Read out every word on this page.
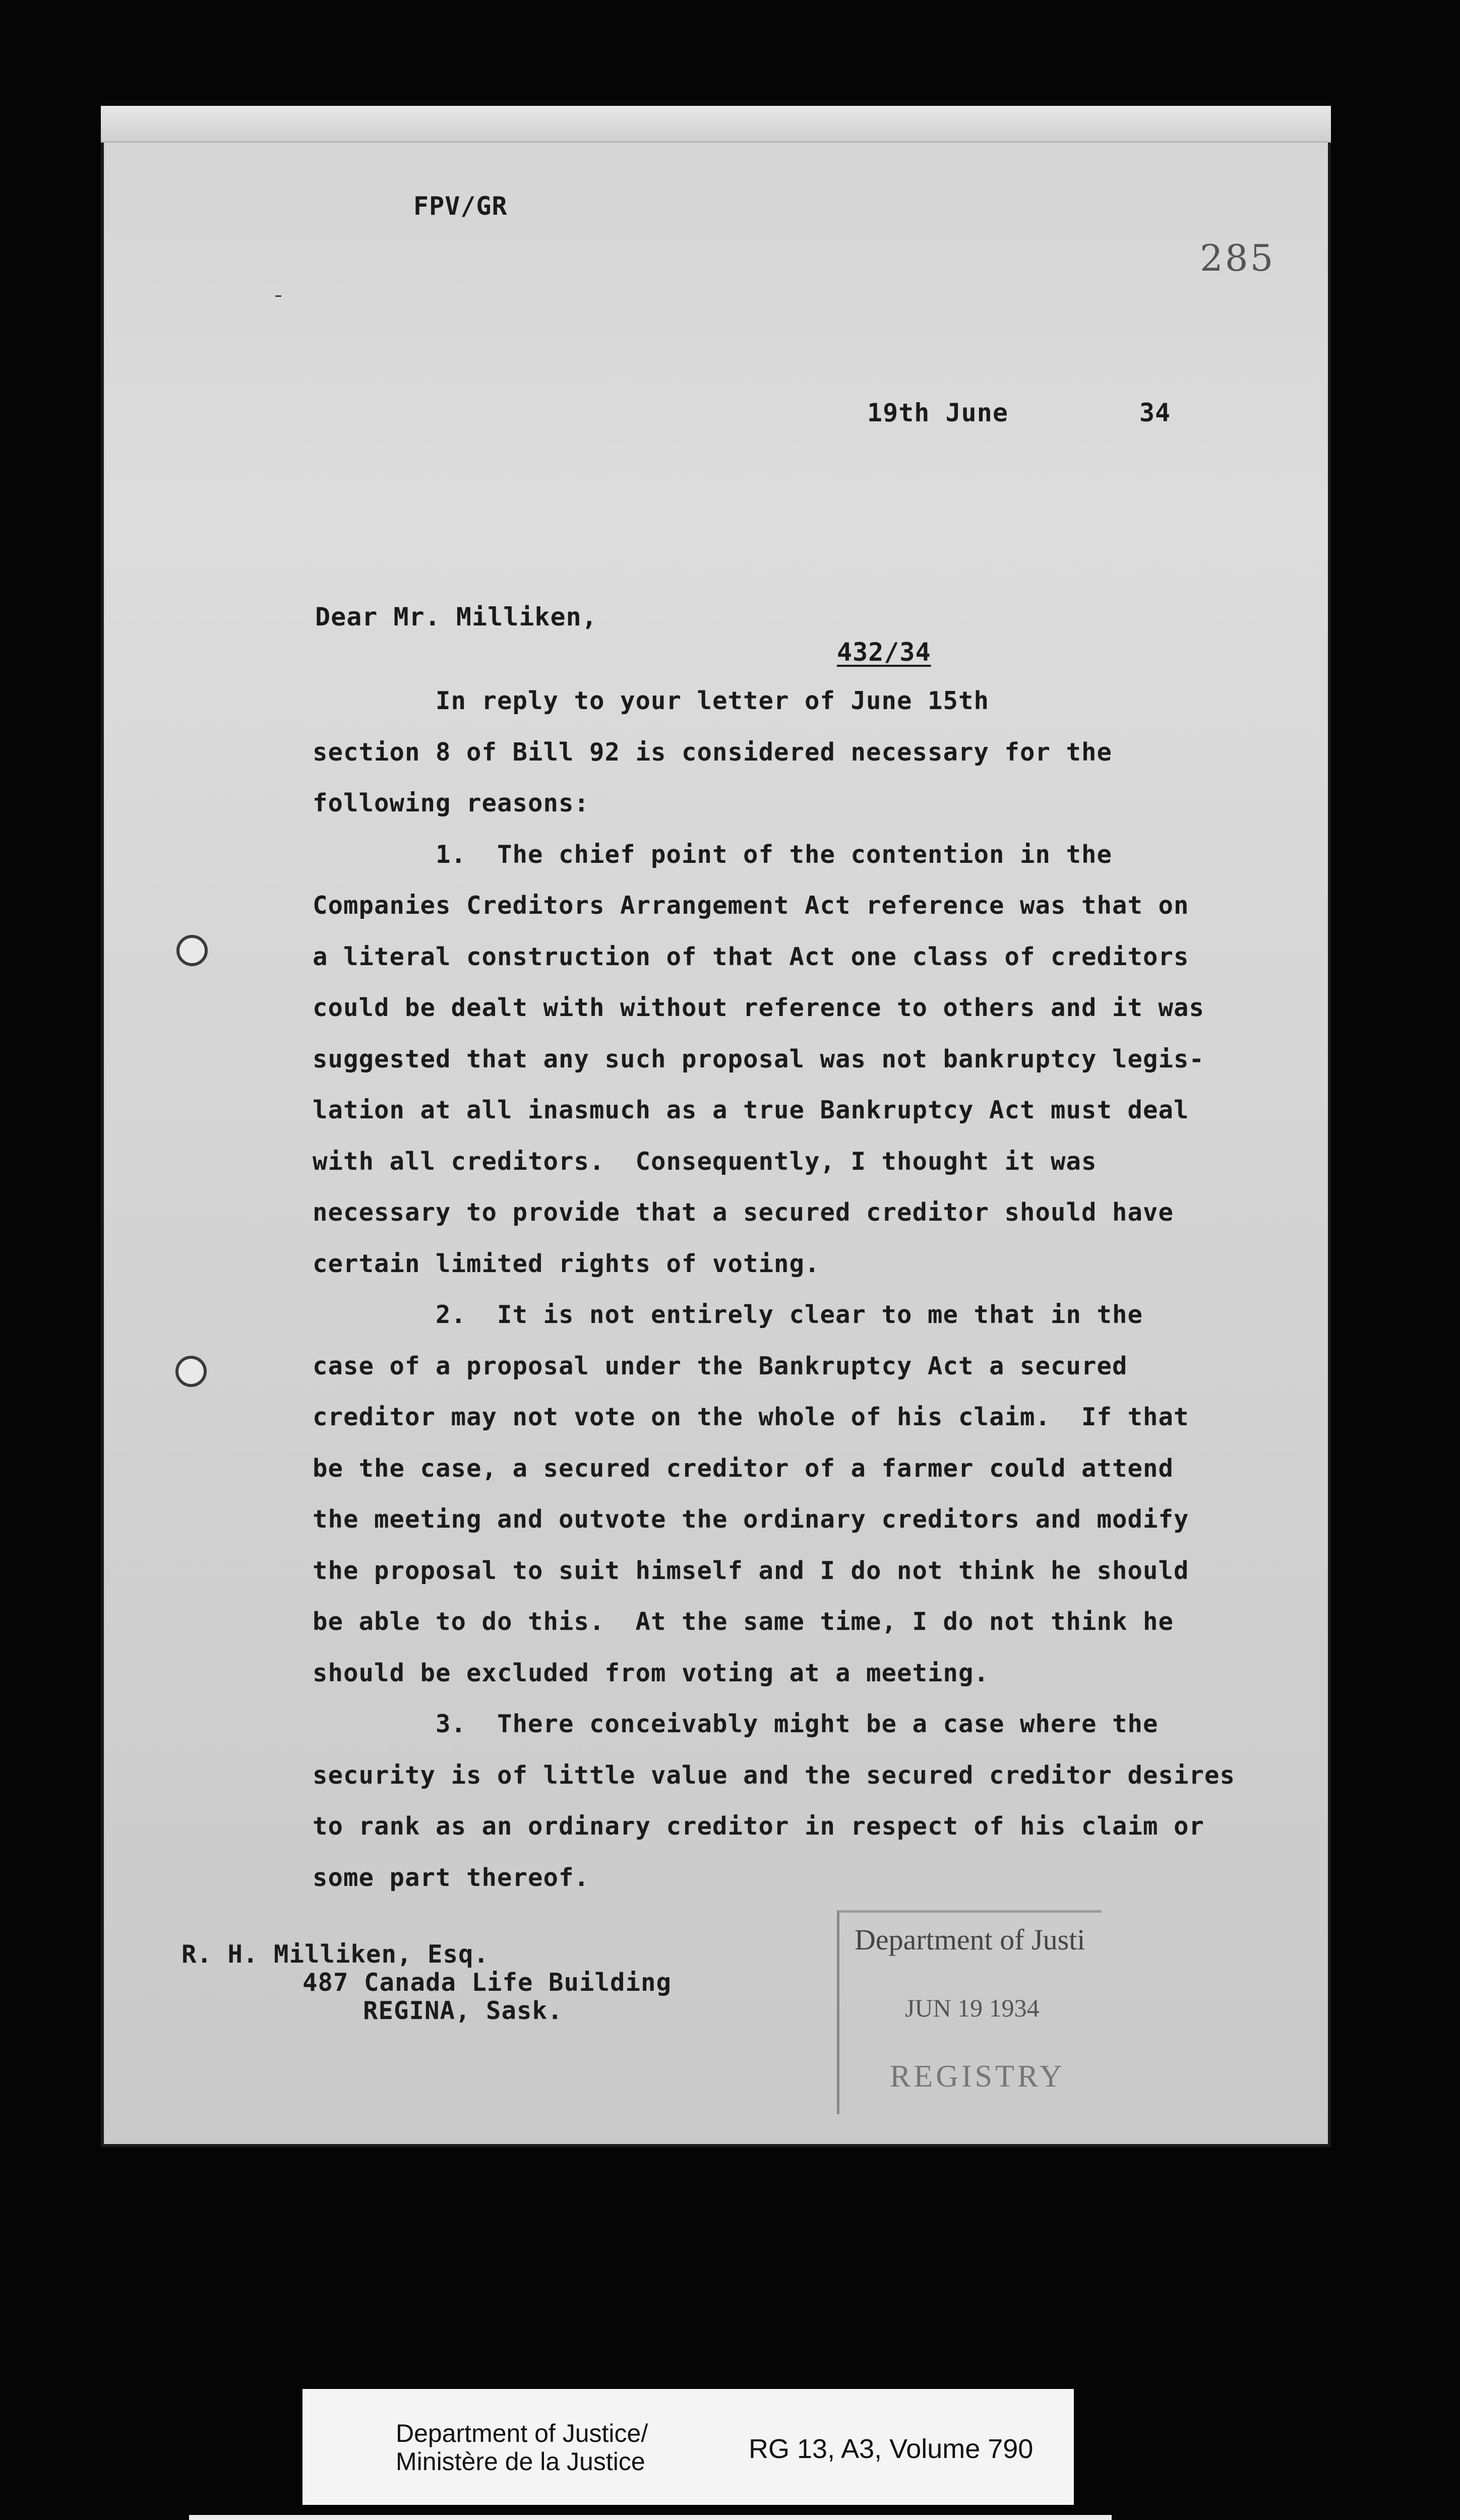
ˉ
285
FPV/GR
19th June	34
Dear Mr. Milliken,
432/34
In reply to your letter of June 15th
section 8 of Bill 92 is considered necessary for the
following reasons:
1.  The chief point of the contention in the
Companies Creditors Arrangement Act reference was that on
a literal construction of that Act one class of creditors
could be dealt with without reference to others and it was
suggested that any such proposal was not bankruptcy legis-
lation at all inasmuch as a true Bankruptcy Act must deal
with all creditors.  Consequently, I thought it was
necessary to provide that a secured creditor should have
certain limited rights of voting.
2.  It is not entirely clear to me that in the
case of a proposal under the Bankruptcy Act a secured
creditor may not vote on the whole of his claim.  If that
be the case, a secured creditor of a farmer could attend
the meeting and outvote the ordinary creditors and modify
the proposal to suit himself and I do not think he should
be able to do this.  At the same time, I do not think he
should be excluded from voting at a meeting.
3.  There conceivably might be a case where the
security is of little value and the secured creditor desires
to rank as an ordinary creditor in respect of his claim or
some part thereof.
R. H. Milliken, Esq.
487 Canada Life Building
REGINA, Sask.
Department of Justi
JUN 19 1934
REGISTRY
Department of Justice/
Ministère de la Justice	RG 13, A3, Volume 790
